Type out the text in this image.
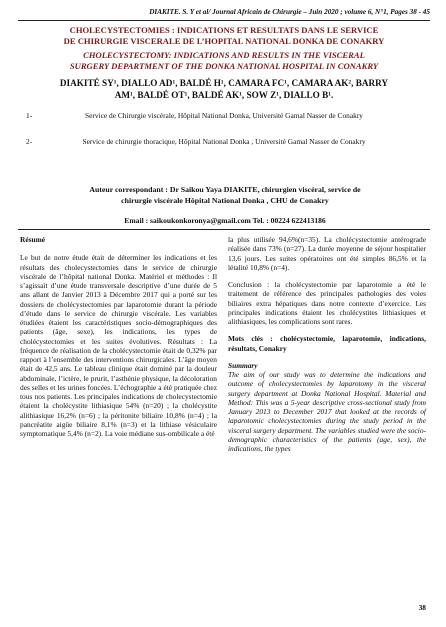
DIAKITE. S. Y et al/ Journal Africain de Chirurgie – Juin 2020 ; volume 6, N°1, Pages 38 - 45
CHOLECYSTECTOMIES : INDICATIONS ET RESULTATS DANS LE SERVICE
DE CHIRURGIE VISCERALE DE L’HOPITAL NATIONAL DONKA DE CONAKRY
CHOLECYSTECTOMY: INDICATIONS AND RESULTS IN THE VISCERAL
SURGERY DEPARTMENT OF THE DONKA NATIONAL HOSPITAL IN CONAKRY
DIAKITÉ SY¹, DIALLO AD¹, BALDÉ H¹, CAMARA FC¹, CAMARA AK², BARRY
AM¹, BALDÉ OT¹, BALDÉ AK¹, SOW Z¹, DIALLO B¹.
1-	Service de Chirurgie viscérale, Hôpital National Donka, Université Gamal Nasser de Conakry
2-	Service de chirurgie thoracique, Hôpital National Donka , Université Gamal Nasser de Conakry
Auteur correspondant : Dr Saikou Yaya DIAKITE, chirurgien viscéral, service de
chirurgie viscérale Hôpital National Donka , CHU de Conakry
Email : saikoukonkoronya@gmail.com Tel. : 00224 622413186

Résumé

Le but de notre étude était de déterminer les indications et les résultats des cholecystectomies dans le service de chirurgie viscérale de l’hôpital national Donka. Matériel et méthodes : Il s’agissait d’une étude transversale descriptive d’une durée de 5 ans allant de Janvier 2013 à Décembre 2017 qui a porté sur les dossiers de cholécystectomies par laparotomie durant la période d’étude dans le service de chirurgie viscérale. Les variables étudiées étaient les caractéristiques socio-démographiques des patients (âge, sexe), les indications, les types de cholécystectomies et les suites évolutives. Résultats : La fréquence de réalisation de la cholécystectomie était de 0,32% par rapport à l’ensemble des interventions chirurgicales. L’âge moyen était de 42,5 ans. Le tableau clinique était dominé par la douleur abdominale, l’ictère, le prurit, l’asthénie physique, la décoloration des selles et les urines foncées. L’échographie a été pratiquée chez tous nos patients. Les principales indications de cholecystectomie étaient la cholécystite lithiasique 54% (n=20) ; la cholécystite alithiasique 16,2% (n=6) ; la péritonite biliaire 10,8% (n=4) ; la pancréatite aigüe biliaire 8,1% (n=3) et la lithiase vésiculaire symptomatique 5,4% (n=2). La voie médiane sus-ombilicale a été

la plus utilisée 94,6%(n=35). La cholécystectomie antérograde réalisée dans 73% (n=27). La durée moyenne de séjour hospitalier 13,6 jours. Les suites opératoires ont été simples 86,5% et la létalité 10,8% (n=4).

Conclusion : la cholécystectomie par laparotomie a été le traitement de référence des principales pathologies des voies biliaires extra hépatiques dans notre contexte d’exercice. Les principales indications étaient les cholécystites lithiasiques et alithiasiques, les complications sont rares.

Mots clés : cholécystectomie, laparotomie, indications, résultats, Conakry

Summary

The aim of our study was to determine the indications and outcome of cholecystectomies by laparotomy in the visceral surgery department at Donka National Hospital. Material and Method: This was a 5-year descriptive cross-sectional study from January 2013 to December 2017 that looked at the records of laparotomic cholecystectomies during the study period in the visceral surgery department. The variables studied were the socio-demographic characteristics of the patients (age, sex), the indications, the types

38
